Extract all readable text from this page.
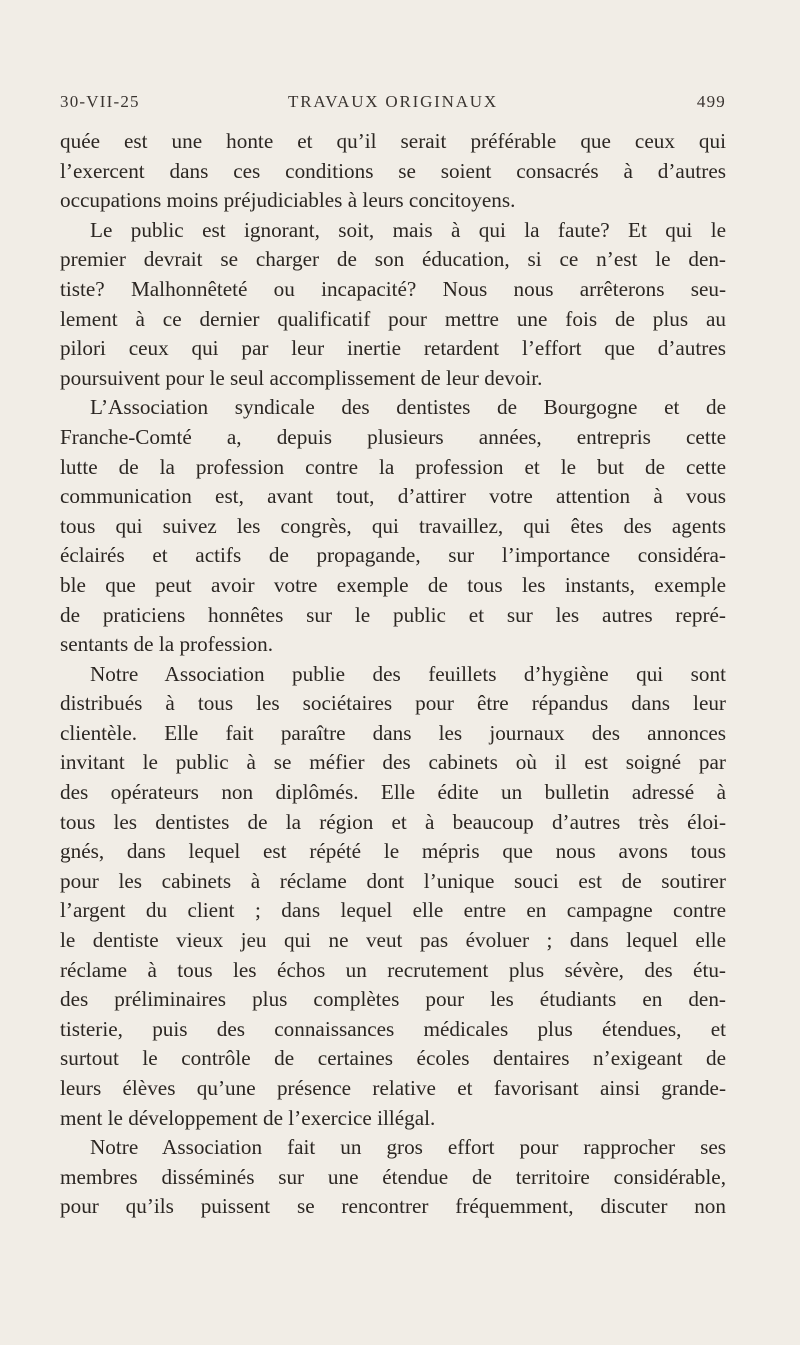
30-VII-25	TRAVAUX ORIGINAUX	499
quée est une honte et qu’il serait préférable que ceux qui
l’exercent dans ces conditions se soient consacrés à d’autres
occupations moins préjudiciables à leurs concitoyens.
Le public est ignorant, soit, mais à qui la faute? Et qui le
premier devrait se charger de son éducation, si ce n’est le den-
tiste? Malhonnêteté ou incapacité? Nous nous arrêterons seu-
lement à ce dernier qualificatif pour mettre une fois de plus au
pilori ceux qui par leur inertie retardent l’effort que d’autres
poursuivent pour le seul accomplissement de leur devoir.
L’Association syndicale des dentistes de Bourgogne et de
Franche-Comté a, depuis plusieurs années, entrepris cette
lutte de la profession contre la profession et le but de cette
communication est, avant tout, d’attirer votre attention à vous
tous qui suivez les congrès, qui travaillez, qui êtes des agents
éclairés et actifs de propagande, sur l’importance considéra-
ble que peut avoir votre exemple de tous les instants, exemple
de praticiens honnêtes sur le public et sur les autres repré-
sentants de la profession.
Notre Association publie des feuillets d’hygiène qui sont
distribués à tous les sociétaires pour être répandus dans leur
clientèle. Elle fait paraître dans les journaux des annonces
invitant le public à se méfier des cabinets où il est soigné par
des opérateurs non diplômés. Elle édite un bulletin adressé à
tous les dentistes de la région et à beaucoup d’autres très éloi-
gnés, dans lequel est répété le mépris que nous avons tous
pour les cabinets à réclame dont l’unique souci est de soutirer
l’argent du client ; dans lequel elle entre en campagne contre
le dentiste vieux jeu qui ne veut pas évoluer ; dans lequel elle
réclame à tous les échos un recrutement plus sévère, des étu-
des préliminaires plus complètes pour les étudiants en den-
tisterie, puis des connaissances médicales plus étendues, et
surtout le contrôle de certaines écoles dentaires n’exigeant de
leurs élèves qu’une présence relative et favorisant ainsi grande-
ment le développement de l’exercice illégal.
Notre Association fait un gros effort pour rapprocher ses
membres disséminés sur une étendue de territoire considérable,
pour qu’ils puissent se rencontrer fréquemment, discuter non
